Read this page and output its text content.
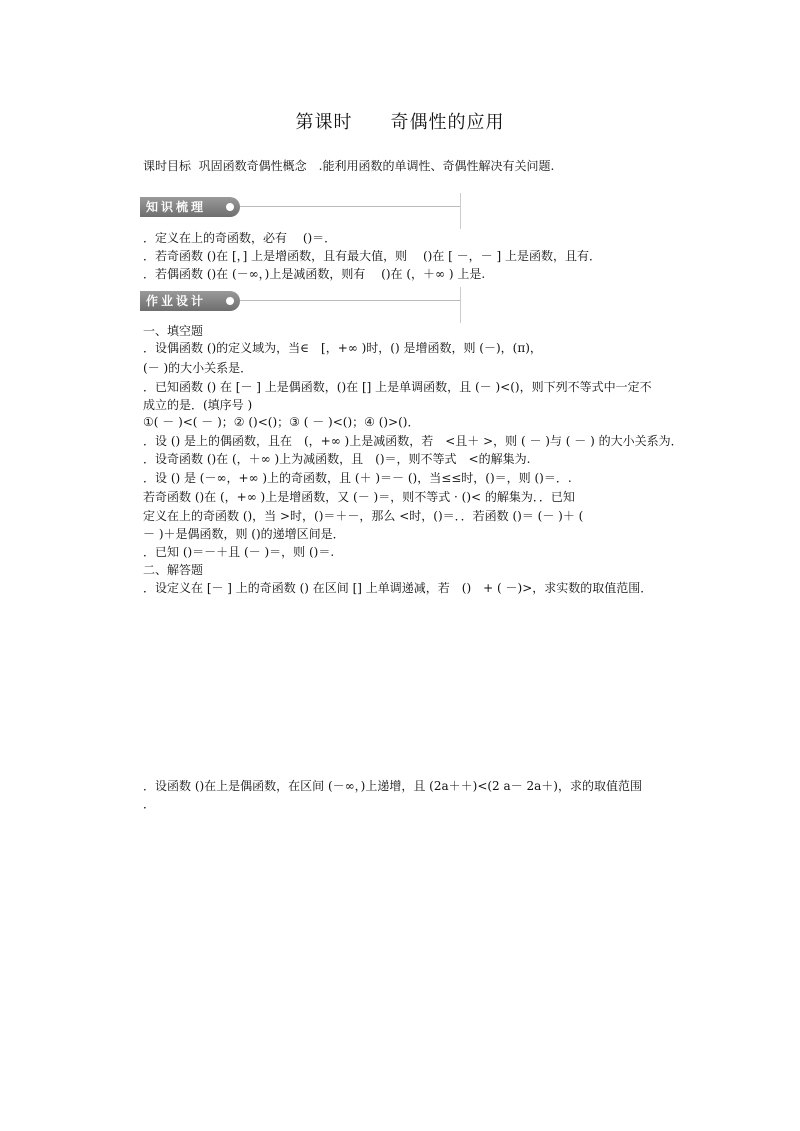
第课时　　奇偶性的应用
课时目标  巩固函数奇偶性概念　.能利用函数的单调性、奇偶性解决有关问题.
知识梳理
．定义在上的奇函数，必有　 ()＝．
．若奇函数 ()在 [，] 上是增函数，且有最大值，则　 ()在 [ －，－ ] 上是函数，且有．
．若偶函数 ()在 (－∞，)上是减函数，则有　 ()在 (，＋∞ ) 上是.
作业设计
一、填空题
．设偶函数 ()的定义域为，当∈　[，+∞ )时，() 是增函数，则 (－)，(π)，
(－ )的大小关系是．
．已知函数 () 在 [－ ] 上是偶函数，()在 [] 上是单调函数，且 (－ )<()，则下列不等式中一定不
成立的是．(填序号 )
①( － )<( － )；② ()<()；③ ( － )<()；④ ()>()．
．设 () 是上的偶函数，且在　(，+∞ )上是减函数，若　<且＋ >，则 ( － )与 ( － ) 的大小关系为．
．设奇函数 ()在 (，＋∞ )上为减函数，且　()＝，则不等式　<的解集为.
．设 () 是 (－∞，+∞ )上的奇函数，且 (＋ )＝－ ()，当≤≤时，()＝，则 ()＝．.
若奇函数 ()在 (，+∞ )上是增函数，又 (－ )＝，则不等式 · ()< 的解集为．．已知
定义在上的奇函数 ()，当 >时，()＝＋－，那么 <时，()＝．．若函数 ()＝ (－ )＋ (
－ )＋是偶函数，则 ()的递增区间是．
．已知 ()＝－＋且 (－ )＝，则 ()＝.
二、解答题
．设定义在 [－ ] 上的奇函数 () 在区间 [] 上单调递减，若　()　+ ( －)>，求实数的取值范围．
．设函数 ()在上是偶函数，在区间 (－∞，)上递增，且 (2a＋＋)<(2 a－ 2a＋)，求的取值范围
．
